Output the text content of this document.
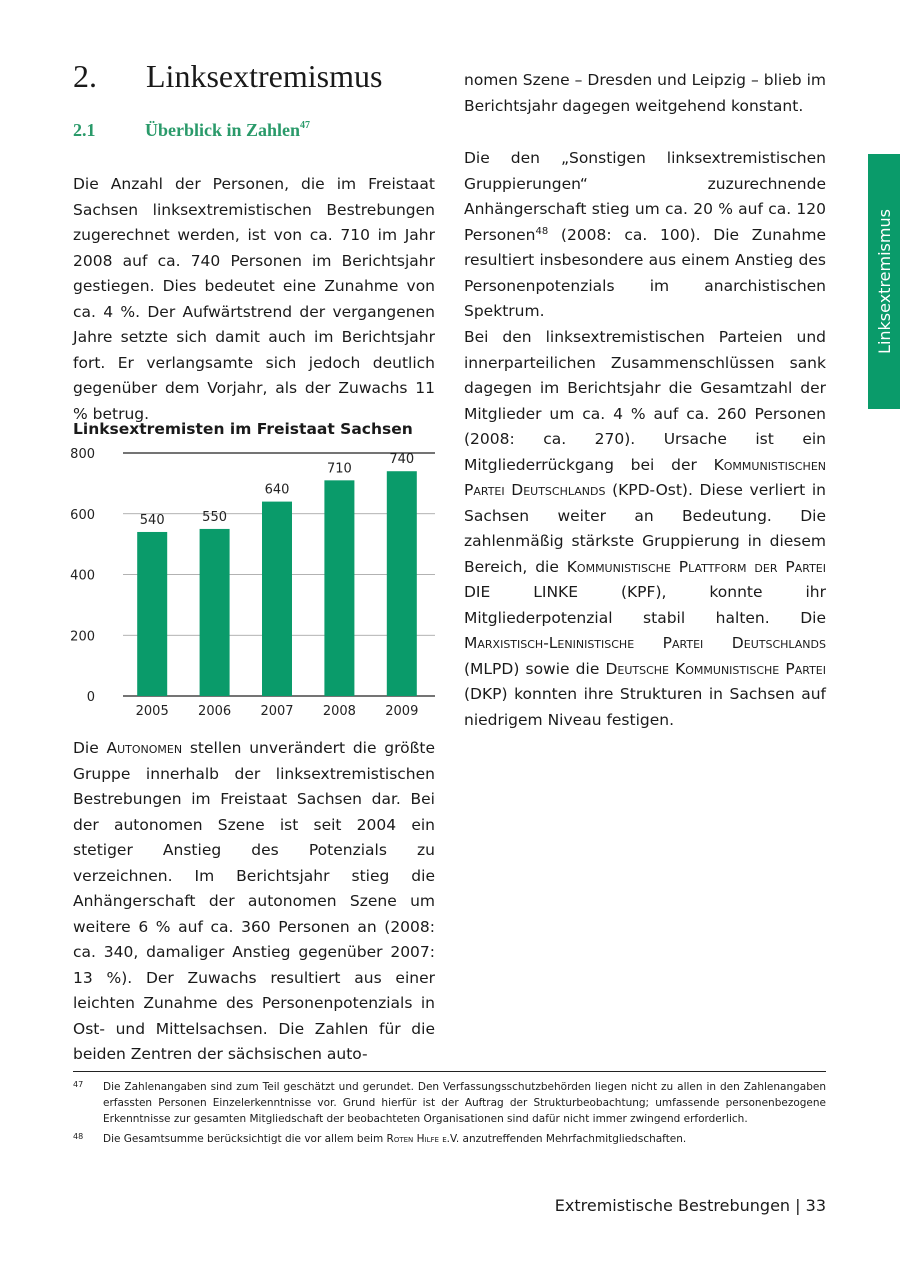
Linksextremismus
2.	Linksextremismus
2.1	Überblick in Zahlen 47

Die Anzahl der Personen, die im Freistaat Sachsen linksextremistischen Bestrebungen zugerechnet werden, ist von ca. 710 im Jahr 2008 auf ca. 740 Personen im Berichtsjahr gestiegen. Dies bedeutet eine Zunahme von ca. 4 %. Der Aufwärtstrend der vergangenen Jahre setzte sich damit auch im Berichtsjahr fort. Er verlangsamte sich jedoch deutlich gegenüber dem Vorjahr, als der Zuwachs 11 % betrug.

Linksextremisten im Freistaat Sachsen
0
200
400
600
800
540
2005
550
2006
640
2007
710
2008
740
2009

Die Autonomen stellen unverändert die größte Gruppe innerhalb der linksextremistischen Bestrebungen im Freistaat Sachsen dar. Bei der autonomen Szene ist seit 2004 ein stetiger Anstieg des Potenzials zu verzeichnen. Im Berichtsjahr stieg die Anhängerschaft der autonomen Szene um weitere 6 % auf ca. 360 Personen an (2008: ca. 340, damaliger Anstieg gegenüber 2007: 13 %). Der Zuwachs resultiert aus einer leichten Zunahme des Personenpotenzials in Ost- und Mittelsachsen. Die Zahlen für die beiden Zentren der sächsischen auto-

nomen Szene – Dresden und Leipzig – blieb im Berichtsjahr dagegen weitgehend konstant.

Die den „Sonstigen linksextremistischen Gruppierungen“ zuzurechnende Anhängerschaft stieg um ca. 20 % auf ca. 120 Personen$^{48}$ (2008: ca. 100). Die Zunahme resultiert insbesondere aus einem Anstieg des Personenpotenzials im anarchistischen Spektrum.

Bei den linksextremistischen Parteien und innerparteilichen Zusammenschlüssen sank dagegen im Berichtsjahr die Gesamtzahl der Mitglieder um ca. 4 % auf ca. 260 Personen (2008: ca. 270). Ursache ist ein Mitgliederrückgang bei der Kommunistischen Partei Deutschlands (KPD-Ost). Diese verliert in Sachsen weiter an Bedeutung. Die zahlenmäßig stärkste Gruppierung in diesem Bereich, die Kommunistische Plattform der Partei DIE LINKE (KPF), konnte ihr Mitgliederpotenzial stabil halten. Die Marxistisch-Leninistische Partei Deutschlands (MLPD) sowie die Deutsche Kommunistische Partei (DKP) konnten ihre Strukturen in Sachsen auf niedrigem Niveau festigen.

47	Die Zahlenangaben sind zum Teil geschätzt und gerundet. Den Verfassungsschutzbehörden liegen nicht zu allen in den Zahlenangaben erfassten Personen Einzelerkenntnisse vor. Grund hierfür ist der Auftrag der Strukturbeobachtung; umfassende personenbezogene Erkenntnisse zur gesamten Mitgliedschaft der beobachteten Organisationen sind dafür nicht immer zwingend erforderlich.
48	Die Gesamtsumme berücksichtigt die vor allem beim Roten Hilfe e.V. anzutreffenden Mehrfachmitgliedschaften.
Extremistische Bestrebungen | 33
